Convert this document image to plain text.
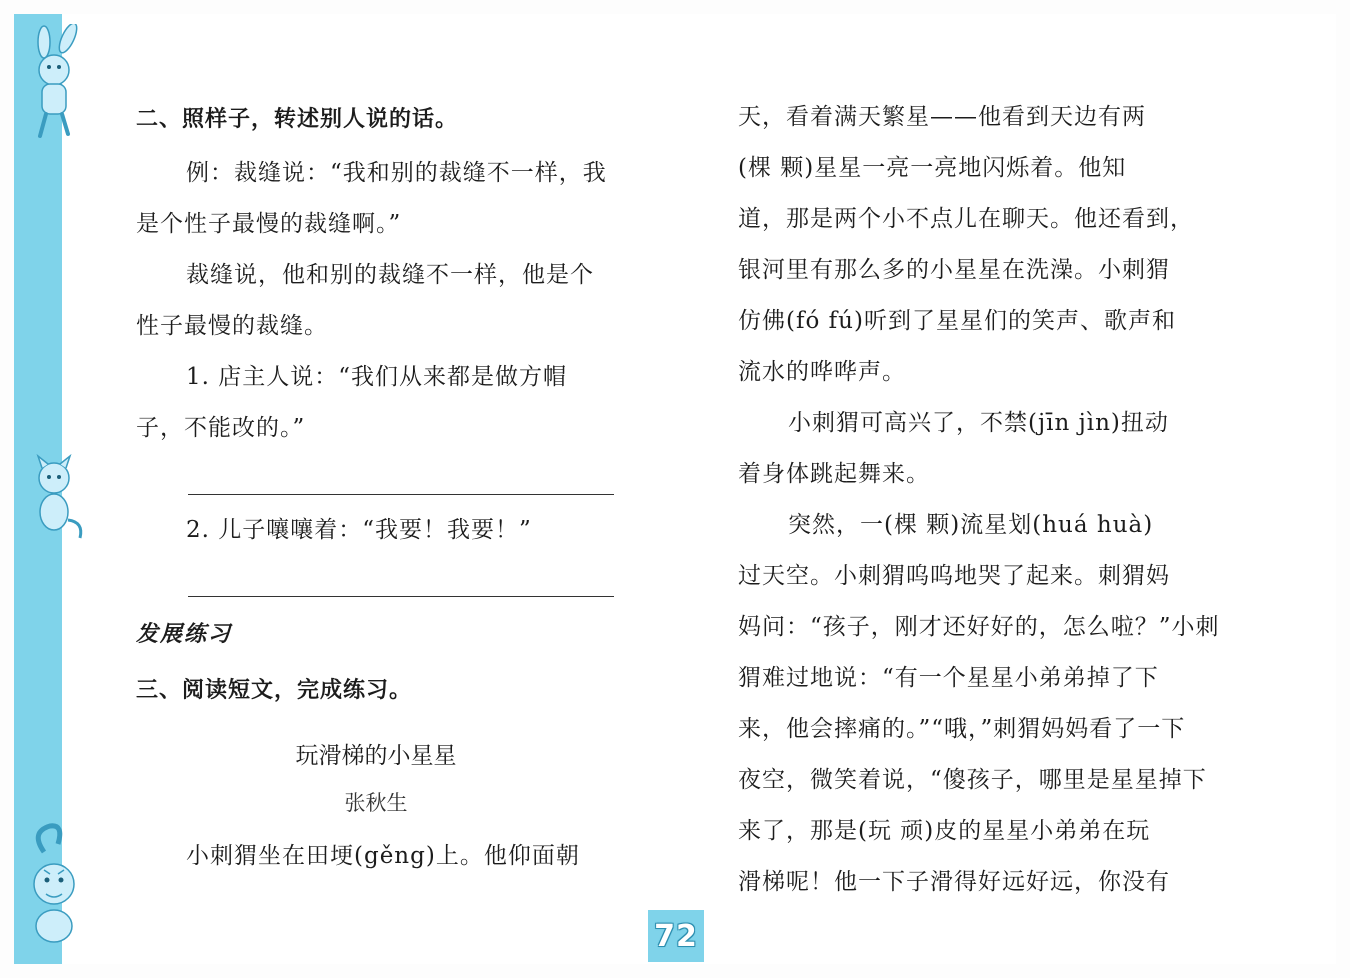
二、照样子，转述别人说的话。

例：裁缝说：“我和别的裁缝不一样，我

是个性子最慢的裁缝啊。”

裁缝说，他和别的裁缝不一样，他是个

性子最慢的裁缝。

1. 店主人说：“我们从来都是做方帽

子，不能改的。”

2. 儿子嚷嚷着：“我要！我要！”

发展练习

三、阅读短文，完成练习。

玩滑梯的小星星

张秋生

小刺猬坐在田埂(gěng)上。他仰面朝

天，看着满天繁星——他看到天边有两

(棵 颗)星星一亮一亮地闪烁着。他知

道，那是两个小不点儿在聊天。他还看到，

银河里有那么多的小星星在洗澡。小刺猬

仿佛(fó fú)听到了星星们的笑声、歌声和

流水的哗哗声。

小刺猬可高兴了，不禁(jīn jìn)扭动

着身体跳起舞来。

突然，一(棵 颗)流星划(huá huà)

过天空。小刺猬呜呜地哭了起来。刺猬妈

妈问：“孩子，刚才还好好的，怎么啦？”小刺

猬难过地说：“有一个星星小弟弟掉了下

来，他会摔痛的。”“哦，”刺猬妈妈看了一下

夜空，微笑着说，“傻孩子，哪里是星星掉下

来了，那是(玩 顽)皮的星星小弟弟在玩

滑梯呢！他一下子滑得好远好远，你没有

72
